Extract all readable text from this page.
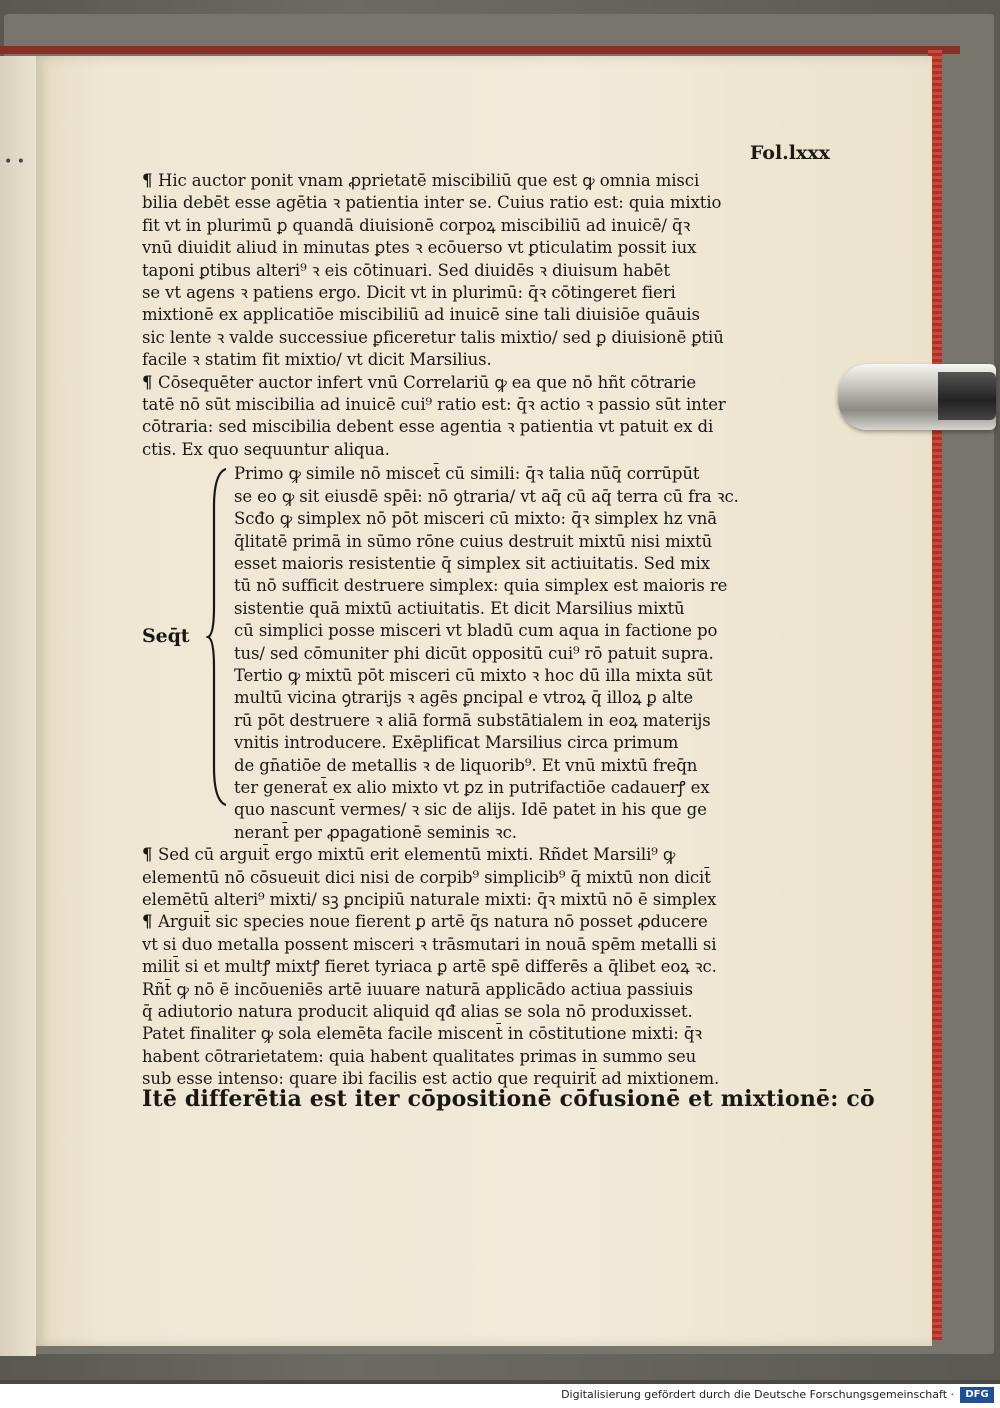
• •	Fol.lxxx
¶ Hic auctor ponit vnam ꝓprietatē miscibiliū que est ꝙ omnia misci
bilia debēt esse agētia ꝛ patientia inter se. Cuius ratio est: quia mixtio
fit vt in plurimū ꝑ quandā diuisionē corpoꝝ miscibiliū ad inuicē/ q̄ꝛ
vnū diuidit aliud in minutas ꝑtes ꝛ ecōuerso vt ꝑticulatim possit iux
taponi ꝑtibus alteri⁹ ꝛ eis cōtinuari. Sed diuidēs ꝛ diuisum habēt
se vt agens ꝛ patiens ergo. Dicit vt in plurimū: q̄ꝛ cōtingeret fieri
mixtionē ex applicatiōe miscibiliū ad inuicē sine tali diuisiōe quāuis
sic lente ꝛ valde successiue ꝑficeretur talis mixtio/ sed ꝑ diuisionē ꝑtiū
facile ꝛ statim fit mixtio/ vt dicit Marsilius.
¶ Cōsequēter auctor infert vnū Correlariū ꝙ ea que nō hñt cōtrarie
tatē nō sūt miscibilia ad inuicē cui⁹ ratio est: q̄ꝛ actio ꝛ passio sūt inter
cōtraria: sed miscibilia debent esse agentia ꝛ patientia vt patuit ex di
ctis. Ex quo sequuntur aliqua.
Seq̄t
Primo ꝙ simile nō miscet̄ cū simili: q̄ꝛ talia nūq̄ corrūpūt
se eo ꝙ sit eiusdē spēi: nō ꝯtraria/ vt aq̄ cū aq̄ terra cū fra ꝛc.
Scđo ꝙ simplex nō pōt misceri cū mixto: q̄ꝛ simplex hz vnā
q̄litatē primā in sūmo rōne cuius destruit mixtū nisi mixtū
esset maioris resistentie q̄ simplex sit actiuitatis. Sed mix
tū nō sufficit destruere simplex: quia simplex est maioris re
sistentie quā mixtū actiuitatis. Et dicit Marsilius mixtū
cū simplici posse misceri vt bladū cum aqua in factione po
tus/ sed cōmuniter phi dicūt oppositū cui⁹ rō patuit supra.
Tertio ꝙ mixtū pōt misceri cū mixto ꝛ hoc dū illa mixta sūt
multū vicina ꝯtrarijs ꝛ agēs ꝑncipal e vtroꝝ q̄ illoꝝ ꝑ alte
rū pōt destruere ꝛ aliā formā substātialem in eoꝝ materijs
vnitis introducere. Exēplificat Marsilius circa primum
de gn̄atiōe de metallis ꝛ de liquorib⁹. Et vnū mixtū freq̄n
ter generat̄ ex alio mixto vt ꝑz in putrifactiōe cadauerꝭ ex
quo nascunt̄ vermes/ ꝛ sic de alijs. Idē patet in his que ge
nerant̄ per ꝓpagationē seminis ꝛc.
¶ Sed cū arguit̄ ergo mixtū erit elementū mixti. Rñdet Marsili⁹ ꝙ
elementū nō cōsueuit dici nisi de corpib⁹ simplicib⁹ q̄ mixtū non dicit̄
elemētū alteri⁹ mixti/ sꝫ ꝑncipiū naturale mixti: q̄ꝛ mixtū nō ē simplex
¶ Arguit̄ sic species noue fierent ꝑ artē q̄s natura nō posset ꝓducere
vt si duo metalla possent misceri ꝛ trāsmutari in nouā spēm metalli si
milit̄ si et multꝭ mixtꝭ fieret tyriaca ꝑ artē spē differēs a q̄libet eoꝝ ꝛc.
Rñt̄ ꝙ nō ē incōueniēs artē iuuare naturā applicādo actiua passiuis
q̄ adiutorio natura producit aliquid qđ alias se sola nō produxisset.
Patet finaliter ꝙ sola elemēta facile miscent̄ in cōstitutione mixti: q̄ꝛ
habent cōtrarietatem: quia habent qualitates primas in summo seu
sub esse intenso: quare ibi facilis est actio que requirit̄ ad mixtionem.
Itē differētia est iter cōpositionē cōfusionē et mixtionē: cō
Digitalisierung gefördert durch die Deutsche Forschungsgemeinschaft ·	DFG
